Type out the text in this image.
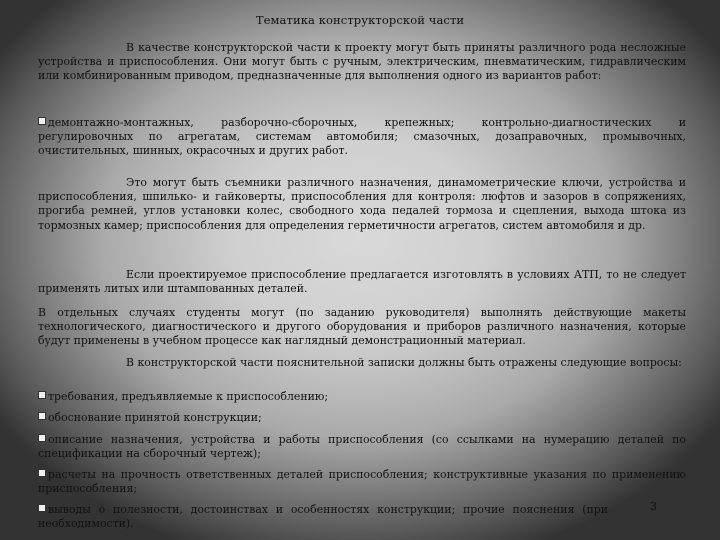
Тематика конструкторской части
В качестве конструкторской части к проекту могут быть приняты различного рода несложные устройства и приспособления. Они могут быть с ручным, электрическим, пневматическим, гидравлическим или комбинированным приводом, предназначенные для выполнения одного из вариантов работ:
демонтажно-монтажных, разборочно-сборочных, крепежных; контрольно-диагностических и регулировочных по агрегатам, системам автомобиля; смазочных, дозаправочных, промывочных, очистительных, шинных, окрасочных и других работ.
Это могут быть съемники различного назначения, динамометрические ключи, устройства и приспособления, шпилько- и гайковерты, приспособления для контроля: люфтов и зазоров в сопряжениях, прогиба ремней, углов установки колес, свободного хода педалей тормоза и сцепления, выхода штока из тормозных камер; приспособления для определения герметичности агрегатов, систем автомобиля и др.
Если проектируемое приспособление предлагается изготовлять в условиях АТП, то не следует применять литых или штампованных деталей.
В отдельных случаях студенты могут (по заданию руководителя) выполнять действующие макеты технологического, диагностического и другого оборудования и приборов различного назначения, которые будут применены в учебном процессе как наглядный демонстрационный материал.
В конструкторской части пояснительной записки должны быть отражены следующие вопросы:
требования, предъявляемые к приспособлению;
обоснование принятой конструкции;
описание назначения, устройства и работы приспособления (со ссылками на нумерацию деталей по спецификации на сборочный чертеж);
расчеты на прочность ответственных деталей приспособления; конструктивные указания по применению приспособления;
выводы о полезности, достоинствах и особенностях конструкции; прочие пояснения (при необходимости).
3
